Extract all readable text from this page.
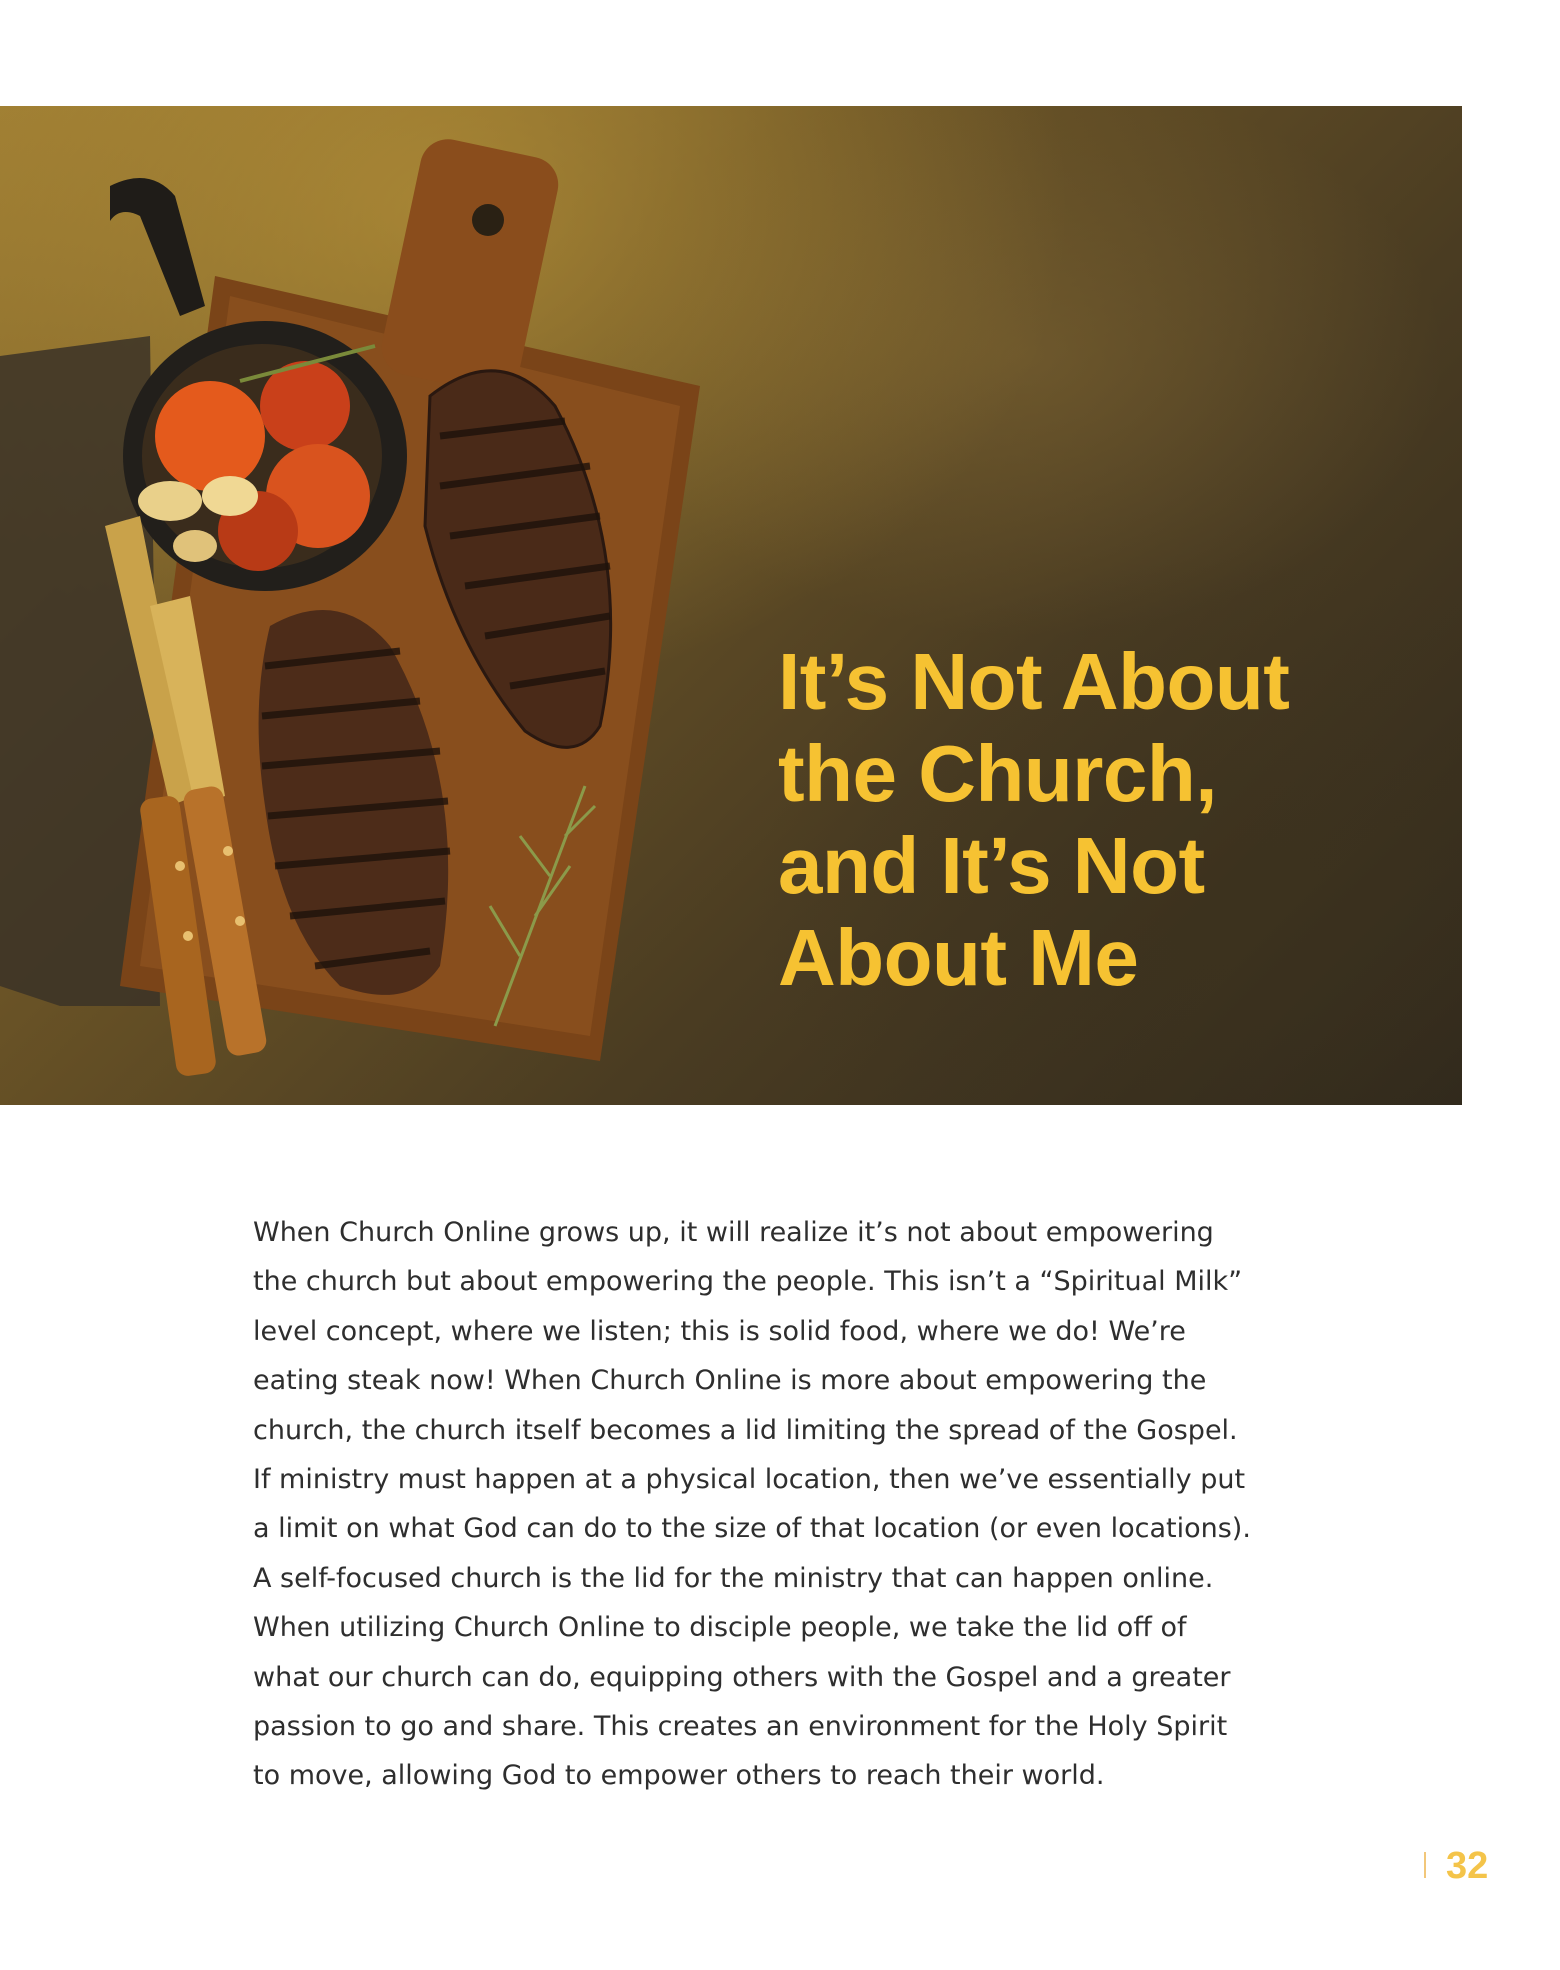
It’s Not About
the Church,
and It’s Not
About Me
When Church Online grows up, it will realize it’s not about empowering
the church but about empowering the people. This isn’t a “Spiritual Milk”
level concept, where we listen; this is solid food, where we do! We’re
eating steak now! When Church Online is more about empowering the
church, the church itself becomes a lid limiting the spread of the Gospel.
If ministry must happen at a physical location, then we’ve essentially put
a limit on what God can do to the size of that location (or even locations).
A self-focused church is the lid for the ministry that can happen online.
When utilizing Church Online to disciple people, we take the lid off of
what our church can do, equipping others with the Gospel and a greater
passion to go and share. This creates an environment for the Holy Spirit
to move, allowing God to empower others to reach their world.
32
